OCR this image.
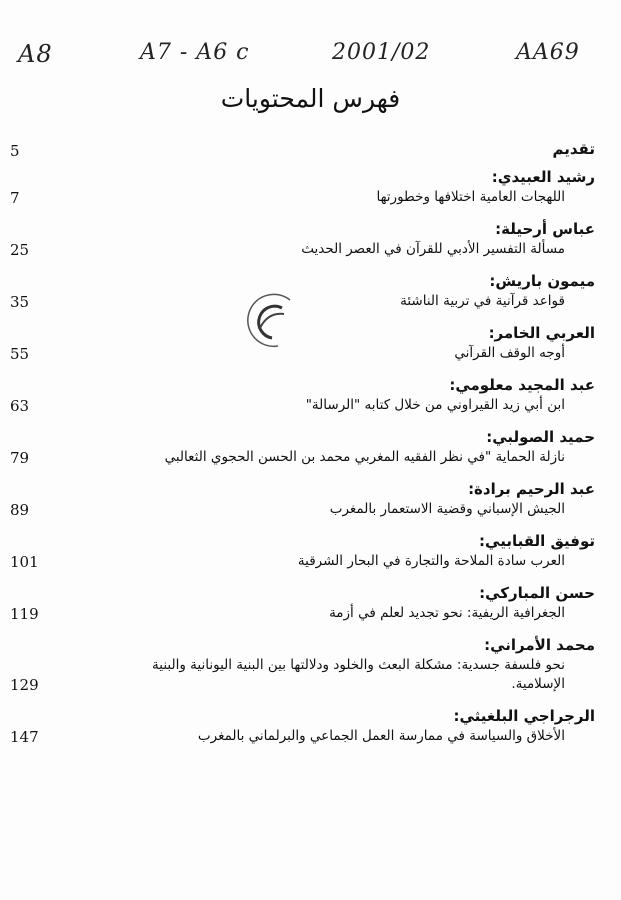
A8	A7 - A6 c	2001/02	AA69
فهرس المحتويات
تقديم
5
رشيد العبيدي:
اللهجات العامية اختلافها وخطورتها
7
عباس أرحيلة:
مسألة التفسير الأدبي للقرآن في العصر الحديث
25
ميمون باريش:
قواعد قرآنية في تربية الناشئة
35
العربي الخامر:
أوجه الوقف القرآني
55
عبد المجيد معلومي:
ابن أبي زيد القيراوني من خلال كتابه "الرسالة"
63
حميد الصولبي:
نازلة الحماية "في نظر الفقيه المغربي محمد بن الحسن الحجوي الثعالبي
79
عبد الرحيم برادة:
الجيش الإسباني وقضية الاستعمار بالمغرب
89
توفيق القبابيي:
العرب سادة الملاحة والتجارة في البحار الشرقية
101
حسن المباركي:
الجغرافية الريفية: نحو تجديد لعلم في أزمة
119
محمد الأمراني:
نحو فلسفة جسدية: مشكلة البعث والخلود ودلالتها بين البنية اليونانية والبنية الإسلامية.
129
الرجراجي البلغيثي:
الأخلاق والسياسة في ممارسة العمل الجماعي والبرلماني بالمغرب
147
